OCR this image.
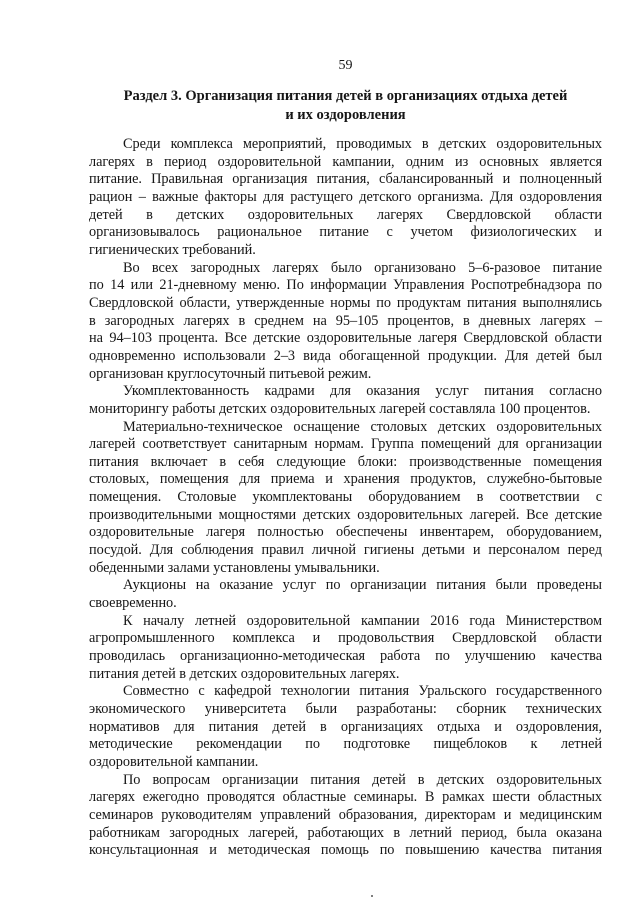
59

Раздел 3. Организация питания детей в организациях отдыха детей
и их оздоровления

Среди комплекса мероприятий, проводимых в детских оздоровительных
лагерях в период оздоровительной кампании, одним из основных является
питание. Правильная организация питания, сбалансированный и полноценный
рацион – важные факторы для растущего детского организма. Для оздоровления
детей в детских оздоровительных лагерях Свердловской области
организовывалось рациональное питание с учетом физиологических и
гигиенических требований.

Во всех загородных лагерях было организовано 5–6-разовое питание
по 14 или 21-дневному меню. По информации Управления Роспотребнадзора по
Свердловской области, утвержденные нормы по продуктам питания выполнялись
в загородных лагерях в среднем на 95–105 процентов, в дневных лагерях –
на 94–103 процента. Все детские оздоровительные лагеря Свердловской области
одновременно использовали 2–3 вида обогащенной продукции. Для детей был
организован круглосуточный питьевой режим.

Укомплектованность кадрами для оказания услуг питания согласно
мониторингу работы детских оздоровительных лагерей составляла 100 процентов.

Материально-техническое оснащение столовых детских оздоровительных
лагерей соответствует санитарным нормам. Группа помещений для организации
питания включает в себя следующие блоки: производственные помещения
столовых, помещения для приема и хранения продуктов, служебно-бытовые
помещения. Столовые укомплектованы оборудованием в соответствии с
производительными мощностями детских оздоровительных лагерей. Все детские
оздоровительные лагеря полностью обеспечены инвентарем, оборудованием,
посудой. Для соблюдения правил личной гигиены детьми и персоналом перед
обеденными залами установлены умывальники.

Аукционы на оказание услуг по организации питания были проведены
своевременно.

К началу летней оздоровительной кампании 2016 года Министерством
агропромышленного комплекса и продовольствия Свердловской области
проводилась организационно-методическая работа по улучшению качества
питания детей в детских оздоровительных лагерях.

Совместно с кафедрой технологии питания Уральского государственного
экономического университета были разработаны: сборник технических
нормативов для питания детей в организациях отдыха и оздоровления,
методические рекомендации по подготовке пищеблоков к летней
оздоровительной кампании.

По вопросам организации питания детей в детских оздоровительных
лагерях ежегодно проводятся областные семинары. В рамках шести областных
семинаров руководителям управлений образования, директорам и медицинским
работникам загородных лагерей, работающих в летний период, была оказана
консультационная и методическая помощь по повышению качества питания
